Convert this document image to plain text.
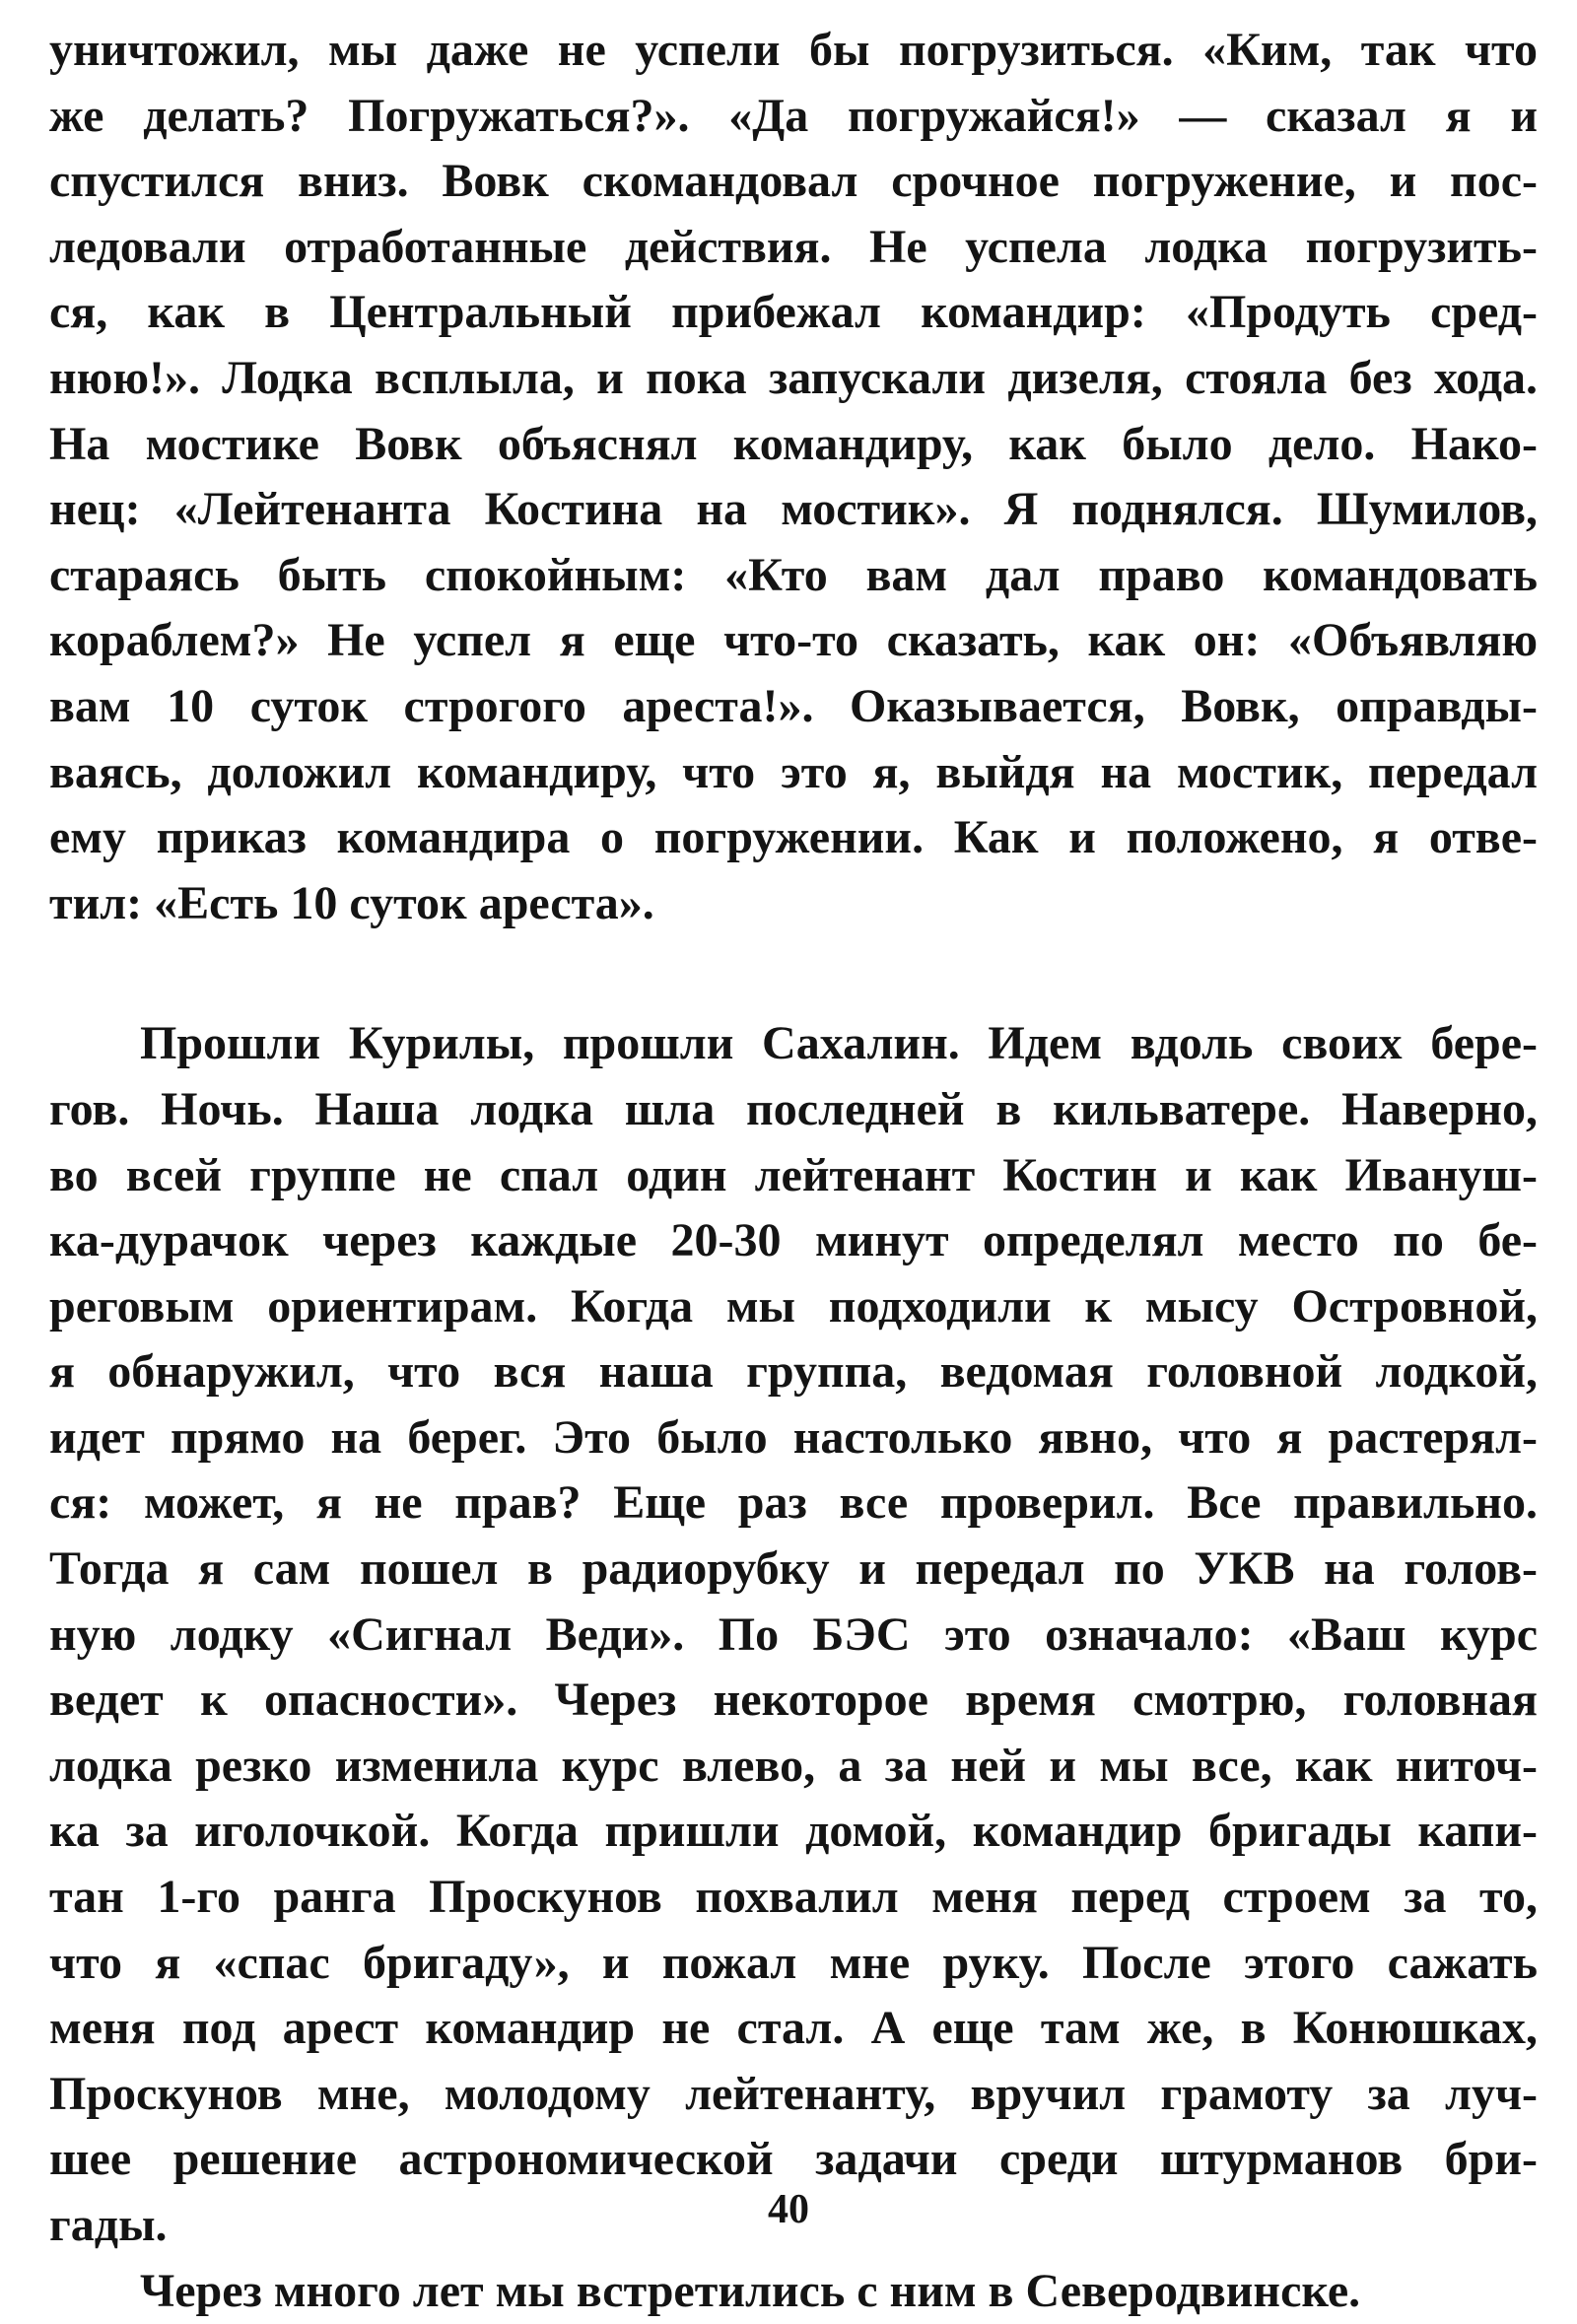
уничтожил, мы даже не успели бы погрузиться. «Ким, так что
же делать? Погружаться?». «Да погружайся!» — сказал я и
спустился вниз. Вовк скомандовал срочное погружение, и пос-
ледовали отработанные действия. Не успела лодка погрузить-
ся, как в Центральный прибежал командир: «Продуть сред-
нюю!». Лодка всплыла, и пока запускали дизеля, стояла без хода.
На мостике Вовк объяснял командиру, как было дело. Нако-
нец: «Лейтенанта Костина на мостик». Я поднялся. Шумилов,
стараясь быть спокойным: «Кто вам дал право командовать
кораблем?» Не успел я еще что-то сказать, как он: «Объявляю
вам 10 суток строгого ареста!». Оказывается, Вовк, оправды-
ваясь, доложил командиру, что это я, выйдя на мостик, передал
ему приказ командира о погружении. Как и положено, я отве-
тил: «Есть 10 суток ареста».
Прошли Курилы, прошли Сахалин. Идем вдоль своих бере-
гов. Ночь. Наша лодка шла последней в кильватере. Наверно,
во всей группе не спал один лейтенант Костин и как Ивануш-
ка-дурачок через каждые 20-30 минут определял место по бе-
реговым ориентирам. Когда мы подходили к мысу Островной,
я обнаружил, что вся наша группа, ведомая головной лодкой,
идет прямо на берег. Это было настолько явно, что я растерял-
ся: может, я не прав? Еще раз все проверил. Все правильно.
Тогда я сам пошел в радиорубку и передал по УКВ на голов-
ную лодку «Сигнал Веди». По БЭС это означало: «Ваш курс
ведет к опасности». Через некоторое время смотрю, головная
лодка резко изменила курс влево, а за ней и мы все, как ниточ-
ка за иголочкой. Когда пришли домой, командир бригады капи-
тан 1-го ранга Проскунов похвалил меня перед строем за то,
что я «спас бригаду», и пожал мне руку. После этого сажать
меня под арест командир не стал. А еще там же, в Конюшках,
Проскунов мне, молодому лейтенанту, вручил грамоту за луч-
шее решение астрономической задачи среди штурманов бри-
гады.
Через много лет мы встретились с ним в Северодвинске.
40
